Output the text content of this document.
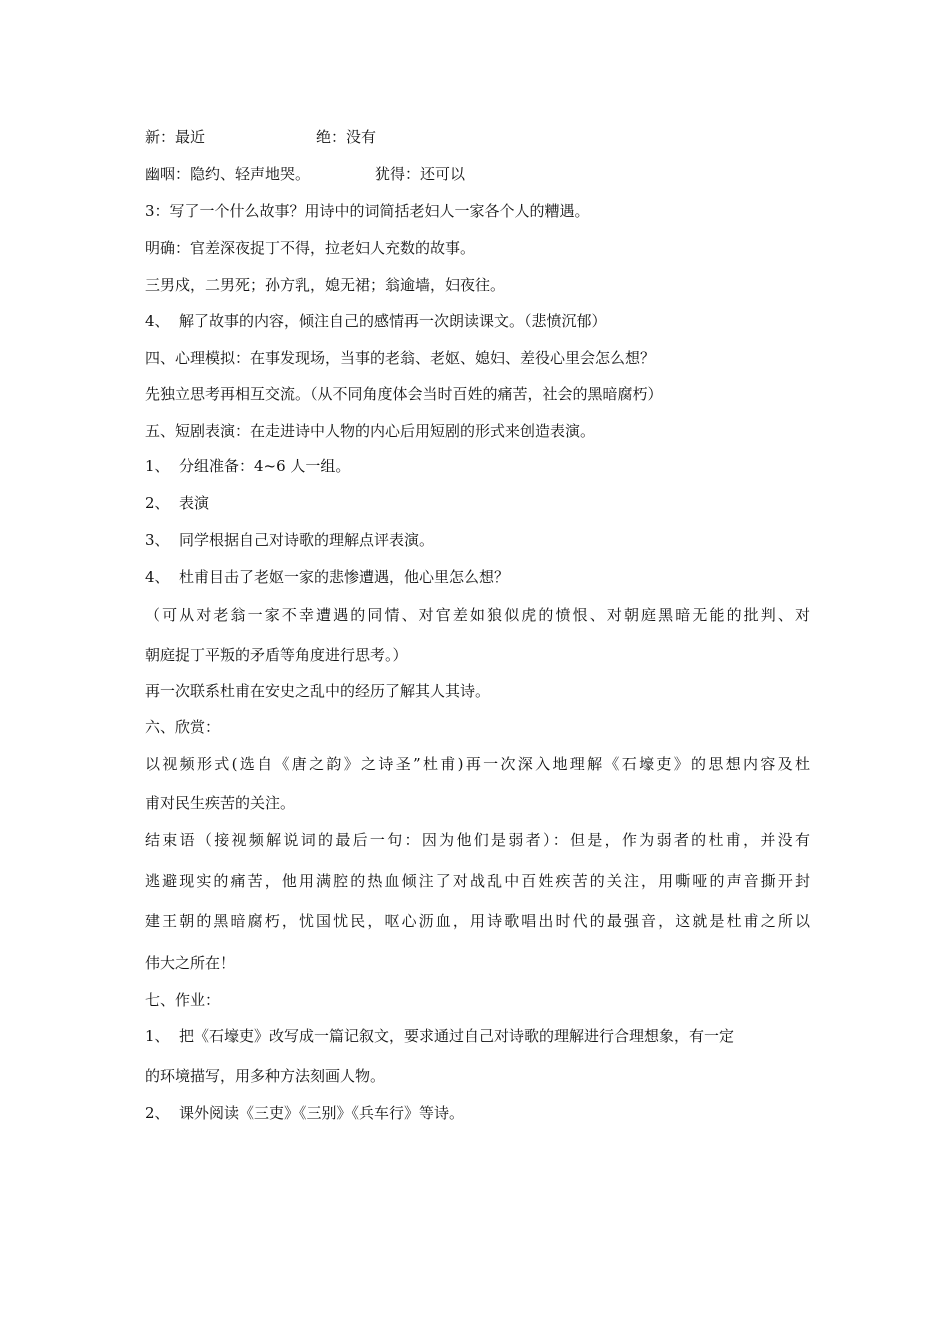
新：最近	绝：没有
幽咽：隐约、轻声地哭。	犹得：还可以
3：写了一个什么故事？用诗中的词简括老妇人一家各个人的糟遇。
明确：官差深夜捉丁不得，拉老妇人充数的故事。
三男戍，二男死；孙方乳，媳无裙；翁逾墙，妇夜往。
4、 解了故事的内容，倾注自己的感情再一次朗读课文。（悲愤沉郁）
四、心理模拟：在事发现场，当事的老翁、老妪、媳妇、差役心里会怎么想？
先独立思考再相互交流。（从不同角度体会当时百姓的痛苦，社会的黑暗腐朽）
五、短剧表演：在走进诗中人物的内心后用短剧的形式来创造表演。
1、 分组准备：4~6 人一组。
2、 表演
3、 同学根据自己对诗歌的理解点评表演。
4、 杜甫目击了老妪一家的悲惨遭遇，他心里怎么想？
（可从对老翁一家不幸遭遇的同情、对官差如狼似虎的愤恨、对朝庭黑暗无能的批判、对
朝庭捉丁平叛的矛盾等角度进行思考。）
再一次联系杜甫在安史之乱中的经历了解其人其诗。
六、欣赏：
以视频形式(选自《唐之韵》之诗圣”杜甫)再一次深入地理解《石壕吏》的思想内容及杜
甫对民生疾苦的关注。
结束语（接视频解说词的最后一句：因为他们是弱者）：但是，作为弱者的杜甫，并没有
逃避现实的痛苦，他用满腔的热血倾注了对战乱中百姓疾苦的关注，用嘶哑的声音撕开封
建王朝的黑暗腐朽，忧国忧民，呕心沥血，用诗歌唱出时代的最强音，这就是杜甫之所以
伟大之所在！
七、作业：
1、 把《石壕吏》改写成一篇记叙文，要求通过自己对诗歌的理解进行合理想象，有一定
的环境描写，用多种方法刻画人物。
2、 课外阅读《三吏》《三别》《兵车行》等诗。
